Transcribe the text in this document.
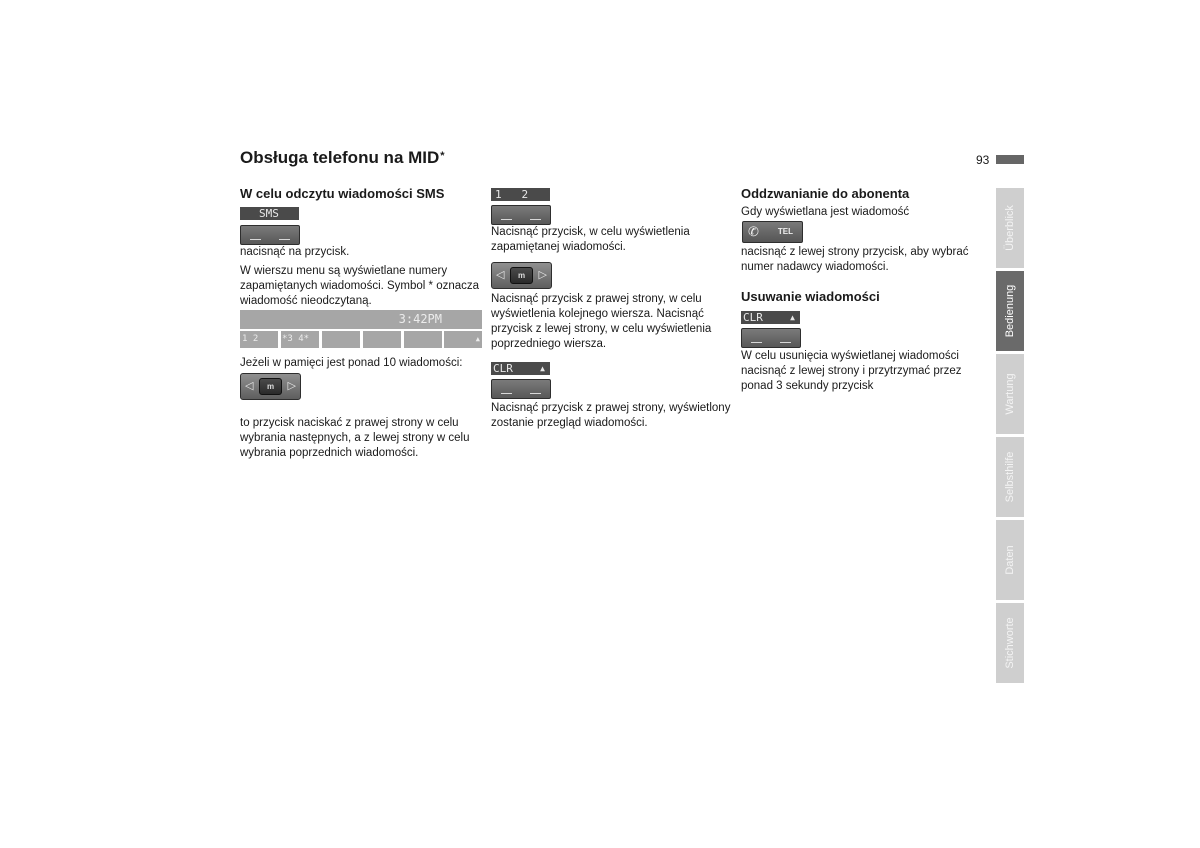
Obsługa telefonu na MID*	93
W celu odczytu wiadomości SMS
SMS
nacisnąć na przycisk.
W wierszu menu są wyświetlane numery zapamiętanych wiadomości. Symbol * oznacza wiadomość nieodczytaną.
3:42PM
1 2	*3 4*	▲
Jeżeli w pamięci jest ponad 10 wiadomości:
◁	m	▷
to przycisk naciskać z prawej strony w celu wybrania następnych, a z lewej strony w celu wybrania poprzednich wiadomości.
1   2
Nacisnąć przycisk, w celu wyświetlenia zapamiętanej wiadomości.
◁	m	▷
Nacisnąć przycisk z prawej strony, w celu wyświetlenia kolejnego wiersza. Nacisnąć przycisk z lewej strony, w celu wyświetlenia poprzedniego wiersza.
CLR	▲
Nacisnąć przycisk z prawej strony, wyświetlony zostanie przegląd wiadomości.
Oddzwanianie do abonenta
Gdy wyświetlana jest wiadomość
✆ TEL
nacisnąć z lewej strony przycisk, aby wybrać numer nadawcy wiadomości.
Usuwanie wiadomości
CLR	▲
W celu usunięcia wyświetlanej wiadomości nacisnąć z lewej strony i przytrzymać przez ponad 3 sekundy przycisk
Überblick
Bedienung
Wartung
Selbsthilfe
Daten
Stichworte
